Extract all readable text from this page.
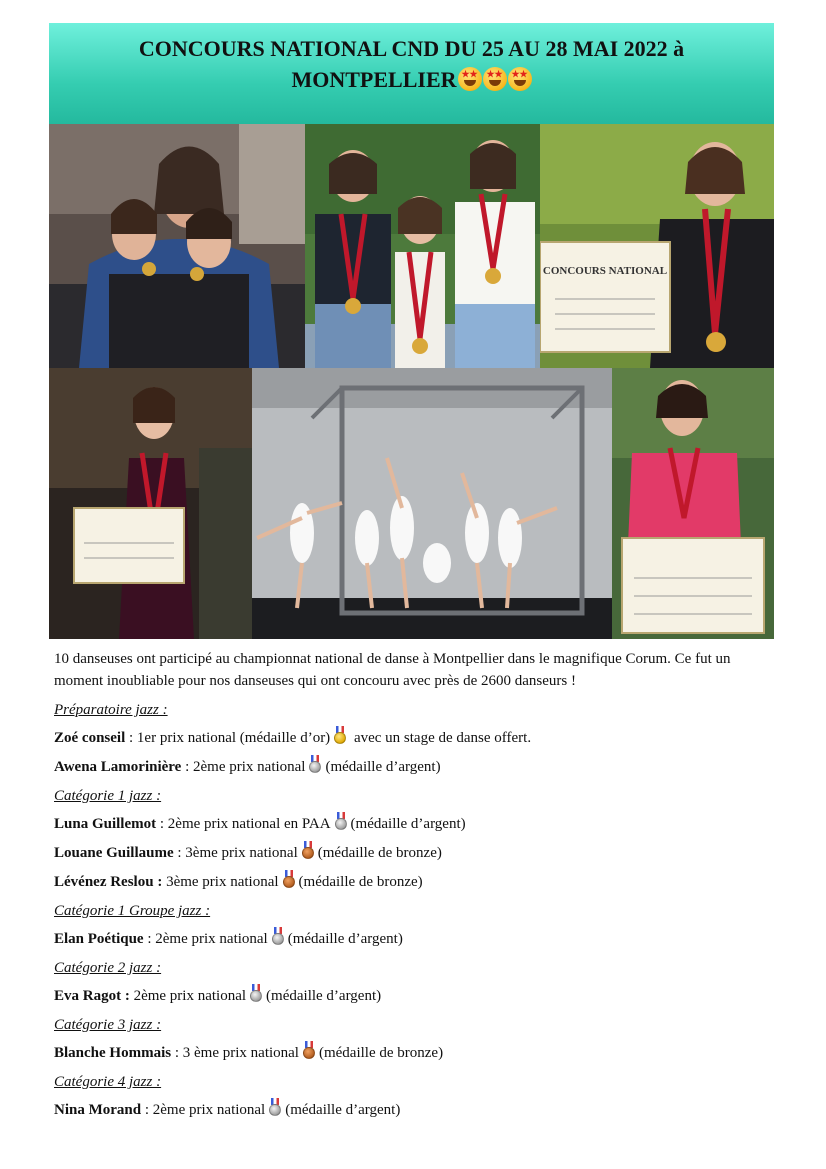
CONCOURS NATIONAL CND DU 25 AU 28 MAI 2022 à
MONTPELLIER★
★★
★★
★
CONCOURS NATIONAL

10 danseuses ont participé au championnat national de danse à Montpellier dans le magnifique Corum. Ce fut un moment inoubliable pour nos danseuses qui ont concouru avec près de 2600 danseurs !

Préparatoire jazz :
Zoé conseil : 1er prix national (médaille d’or)
avec un stage de danse offert.
Awena Lamorinière : 2ème prix national (médaille d’argent)
Catégorie 1 jazz :
Luna Guillemot : 2ème prix national en PAA (médaille d’argent)
Louane Guillaume : 3ème prix national (médaille de bronze)
Lévénez Reslou : 3ème prix national (médaille de bronze)
Catégorie 1 Groupe jazz :
Elan Poétique : 2ème prix national (médaille d’argent)
Catégorie 2 jazz :
Eva Ragot : 2ème prix national (médaille d’argent)
Catégorie 3 jazz :
Blanche Hommais : 3 ème prix national (médaille de bronze)
Catégorie 4 jazz :
Nina Morand : 2ème prix national (médaille d’argent)
